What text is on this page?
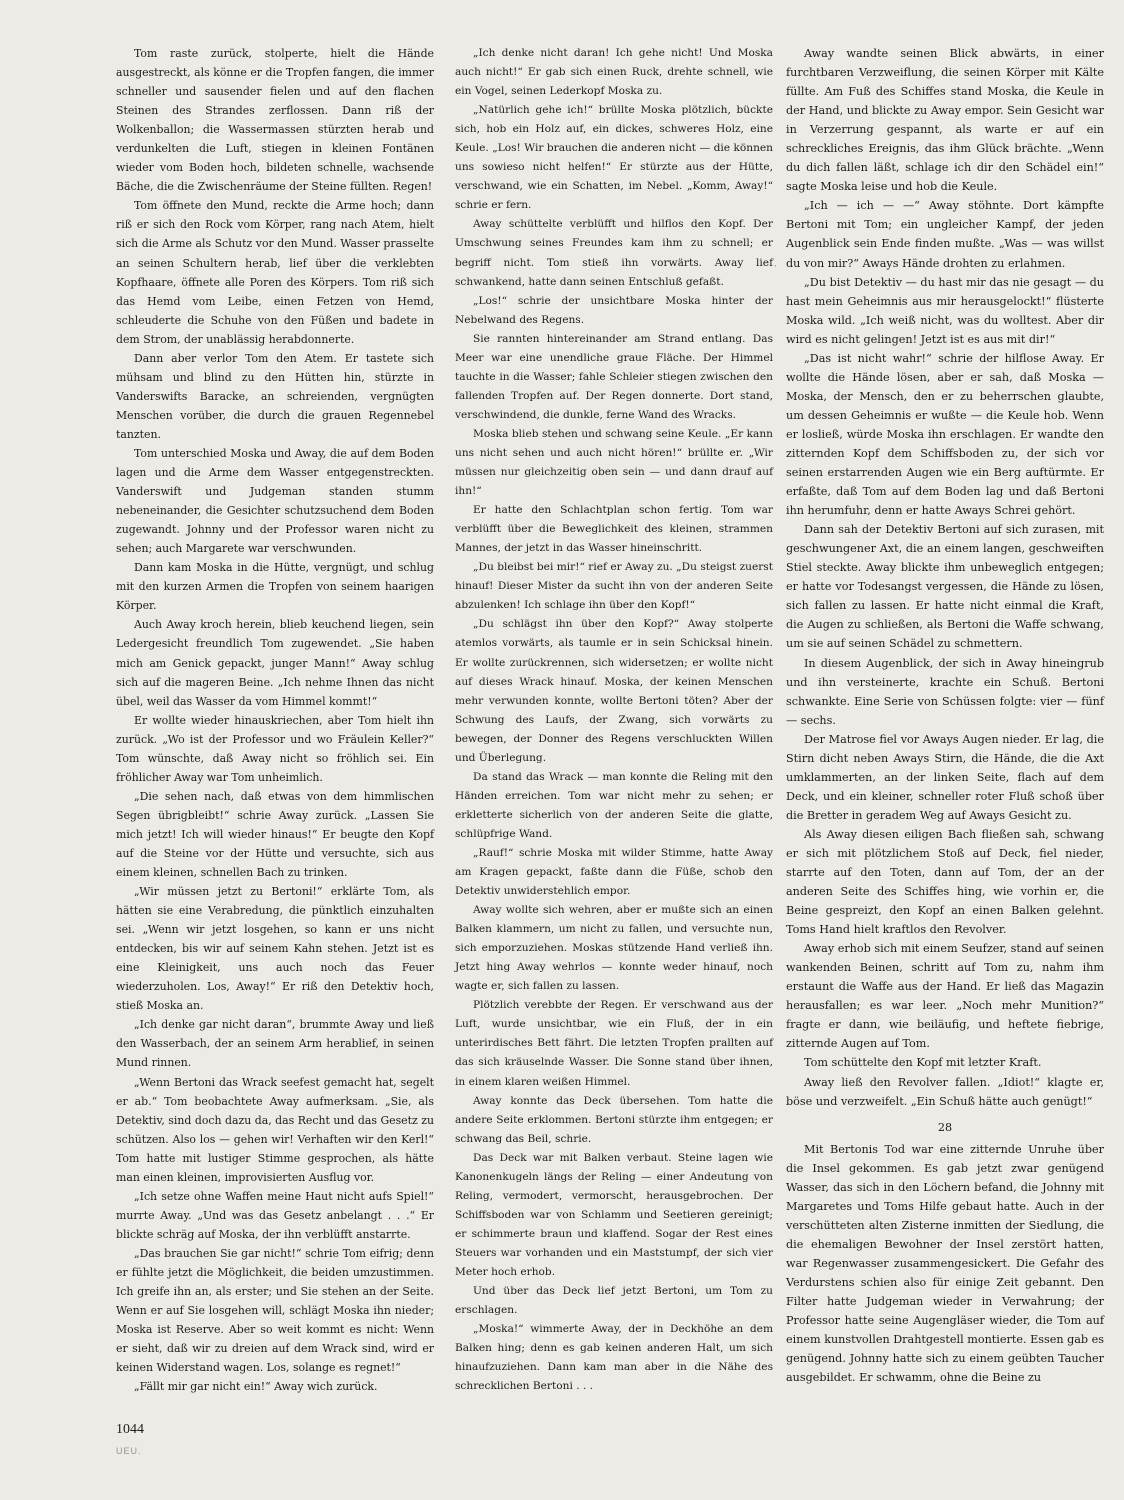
Tom raste zurück, stolperte, hielt die Hände ausgestreckt, als könne er die Tropfen fangen, die immer schneller und sausender fielen und auf den flachen Steinen des Strandes zerflossen. Dann riß der Wolkenballon; die Wassermassen stürzten herab und verdunkelten die Luft, stiegen in kleinen Fontänen wieder vom Boden hoch, bildeten schnelle, wachsende Bäche, die die Zwischenräume der Steine füllten. Regen!

Tom öffnete den Mund, reckte die Arme hoch; dann riß er sich den Rock vom Körper, rang nach Atem, hielt sich die Arme als Schutz vor den Mund. Wasser prasselte an seinen Schultern herab, lief über die verklebten Kopfhaare, öffnete alle Poren des Körpers. Tom riß sich das Hemd vom Leibe, einen Fetzen von Hemd, schleuderte die Schuhe von den Füßen und badete in dem Strom, der unablässig herabdonnerte.

Dann aber verlor Tom den Atem. Er tastete sich mühsam und blind zu den Hütten hin, stürzte in Vanderswifts Baracke, an schreienden, vergnügten Menschen vorüber, die durch die grauen Regennebel tanzten.

Tom unterschied Moska und Away, die auf dem Boden lagen und die Arme dem Wasser entgegenstreckten. Vanderswift und Judgeman standen stumm nebeneinander, die Gesichter schutzsuchend dem Boden zugewandt. Johnny und der Professor waren nicht zu sehen; auch Margarete war verschwunden.

Dann kam Moska in die Hütte, vergnügt, und schlug mit den kurzen Armen die Tropfen von seinem haarigen Körper.

Auch Away kroch herein, blieb keuchend liegen, sein Ledergesicht freundlich Tom zugewendet. „Sie haben mich am Genick gepackt, junger Mann!“ Away schlug sich auf die mageren Beine. „Ich nehme Ihnen das nicht übel, weil das Wasser da vom Himmel kommt!“

Er wollte wieder hinauskriechen, aber Tom hielt ihn zurück. „Wo ist der Professor und wo Fräulein Keller?“ Tom wünschte, daß Away nicht so fröhlich sei. Ein fröhlicher Away war Tom unheimlich.

„Die sehen nach, daß etwas von dem himmlischen Segen übrigbleibt!“ schrie Away zurück. „Lassen Sie mich jetzt! Ich will wieder hinaus!“ Er beugte den Kopf auf die Steine vor der Hütte und versuchte, sich aus einem kleinen, schnellen Bach zu trinken.

„Wir müssen jetzt zu Bertoni!“ erklärte Tom, als hätten sie eine Verabredung, die pünktlich einzuhalten sei. „Wenn wir jetzt losgehen, so kann er uns nicht entdecken, bis wir auf seinem Kahn stehen. Jetzt ist es eine Kleinigkeit, uns auch noch das Feuer wiederzuholen. Los, Away!“ Er riß den Detektiv hoch, stieß Moska an.

„Ich denke gar nicht daran“, brummte Away und ließ den Wasserbach, der an seinem Arm herablief, in seinen Mund rinnen.

„Wenn Bertoni das Wrack seefest gemacht hat, segelt er ab.“ Tom beobachtete Away aufmerksam. „Sie, als Detektiv, sind doch dazu da, das Recht und das Gesetz zu schützen. Also los — gehen wir! Verhaften wir den Kerl!“ Tom hatte mit lustiger Stimme gesprochen, als hätte man einen kleinen, improvisierten Ausflug vor.

„Ich setze ohne Waffen meine Haut nicht aufs Spiel!“ murrte Away. „Und was das Gesetz anbelangt . . .“ Er blickte schräg auf Moska, der ihn verblüfft anstarrte.

„Das brauchen Sie gar nicht!“ schrie Tom eifrig; denn er fühlte jetzt die Möglichkeit, die beiden umzustimmen. Ich greife ihn an, als erster; und Sie stehen an der Seite. Wenn er auf Sie losgehen will, schlägt Moska ihn nieder; Moska ist Reserve. Aber so weit kommt es nicht: Wenn er sieht, daß wir zu dreien auf dem Wrack sind, wird er keinen Widerstand wagen. Los, solange es regnet!“

„Fällt mir gar nicht ein!“ Away wich zurück.

„Ich denke nicht daran! Ich gehe nicht! Und Moska auch nicht!“ Er gab sich einen Ruck, drehte schnell, wie ein Vogel, seinen Lederkopf Moska zu.

„Natürlich gehe ich!“ brüllte Moska plötzlich, bückte sich, hob ein Holz auf, ein dickes, schweres Holz, eine Keule. „Los! Wir brauchen die anderen nicht — die können uns sowieso nicht helfen!“ Er stürzte aus der Hütte, verschwand, wie ein Schatten, im Nebel. „Komm, Away!“ schrie er fern.

Away schüttelte verblüfft und hilflos den Kopf. Der Umschwung seines Freundes kam ihm zu schnell; er begriff nicht. Tom stieß ihn vorwärts. Away lief schwankend, hatte dann seinen Entschluß gefaßt.

„Los!“ schrie der unsichtbare Moska hinter der Nebelwand des Regens.

Sie rannten hintereinander am Strand entlang. Das Meer war eine unendliche graue Fläche. Der Himmel tauchte in die Wasser; fahle Schleier stiegen zwischen den fallenden Tropfen auf. Der Regen donnerte. Dort stand, verschwindend, die dunkle, ferne Wand des Wracks.

Moska blieb stehen und schwang seine Keule. „Er kann uns nicht sehen und auch nicht hören!“ brüllte er. „Wir müssen nur gleichzeitig oben sein — und dann drauf auf ihn!“

Er hatte den Schlachtplan schon fertig. Tom war verblüfft über die Beweglichkeit des kleinen, strammen Mannes, der jetzt in das Wasser hineinschritt.

„Du bleibst bei mir!“ rief er Away zu. „Du steigst zuerst hinauf! Dieser Mister da sucht ihn von der anderen Seite abzulenken! Ich schlage ihn über den Kopf!“

„Du schlägst ihn über den Kopf?“ Away stolperte atemlos vorwärts, als taumle er in sein Schicksal hinein. Er wollte zurückrennen, sich widersetzen; er wollte nicht auf dieses Wrack hinauf. Moska, der keinen Menschen mehr verwunden konnte, wollte Bertoni töten? Aber der Schwung des Laufs, der Zwang, sich vorwärts zu bewegen, der Donner des Regens verschluckten Willen und Überlegung.

Da stand das Wrack — man konnte die Reling mit den Händen erreichen. Tom war nicht mehr zu sehen; er erkletterte sicherlich von der anderen Seite die glatte, schlüpfrige Wand.

„Rauf!“ schrie Moska mit wilder Stimme, hatte Away am Kragen gepackt, faßte dann die Füße, schob den Detektiv unwiderstehlich empor.

Away wollte sich wehren, aber er mußte sich an einen Balken klammern, um nicht zu fallen, und versuchte nun, sich emporzuziehen. Moskas stützende Hand verließ ihn. Jetzt hing Away wehrlos — konnte weder hinauf, noch wagte er, sich fallen zu lassen.

Plötzlich verebbte der Regen. Er verschwand aus der Luft, wurde unsichtbar, wie ein Fluß, der in ein unterirdisches Bett fährt. Die letzten Tropfen prallten auf das sich kräuselnde Wasser. Die Sonne stand über ihnen, in einem klaren weißen Himmel.

Away konnte das Deck übersehen. Tom hatte die andere Seite erklommen. Bertoni stürzte ihm entgegen; er schwang das Beil, schrie.

Das Deck war mit Balken verbaut. Steine lagen wie Kanonenkugeln längs der Reling — einer Andeutung von Reling, vermodert, vermorscht, herausgebrochen. Der Schiffsboden war von Schlamm und Seetieren gereinigt; er schimmerte braun und klaffend. Sogar der Rest eines Steuers war vorhanden und ein Maststumpf, der sich vier Meter hoch erhob.

Und über das Deck lief jetzt Bertoni, um Tom zu erschlagen.

„Moska!“ wimmerte Away, der in Deckhöhe an dem Balken hing; denn es gab keinen anderen Halt, um sich hinaufzuziehen. Dann kam man aber in die Nähe des schrecklichen Bertoni . . .

Away wandte seinen Blick abwärts, in einer furchtbaren Verzweiflung, die seinen Körper mit Kälte füllte. Am Fuß des Schiffes stand Moska, die Keule in der Hand, und blickte zu Away empor. Sein Gesicht war in Verzerrung gespannt, als warte er auf ein schreckliches Ereignis, das ihm Glück brächte. „Wenn du dich fallen läßt, schlage ich dir den Schädel ein!“ sagte Moska leise und hob die Keule.

„Ich — ich — —“ Away stöhnte. Dort kämpfte Bertoni mit Tom; ein ungleicher Kampf, der jeden Augenblick sein Ende finden mußte. „Was — was willst du von mir?“ Aways Hände drohten zu erlahmen.

„Du bist Detektiv — du hast mir das nie gesagt — du hast mein Geheimnis aus mir herausgelockt!“ flüsterte Moska wild. „Ich weiß nicht, was du wolltest. Aber dir wird es nicht gelingen! Jetzt ist es aus mit dir!“

„Das ist nicht wahr!“ schrie der hilflose Away. Er wollte die Hände lösen, aber er sah, daß Moska — Moska, der Mensch, den er zu beherrschen glaubte, um dessen Geheimnis er wußte — die Keule hob. Wenn er losließ, würde Moska ihn erschlagen. Er wandte den zitternden Kopf dem Schiffsboden zu, der sich vor seinen erstarrenden Augen wie ein Berg auftürmte. Er erfaßte, daß Tom auf dem Boden lag und daß Bertoni ihn herumfuhr, denn er hatte Aways Schrei gehört.

Dann sah der Detektiv Bertoni auf sich zurasen, mit geschwungener Axt, die an einem langen, geschweiften Stiel steckte. Away blickte ihm unbeweglich entgegen; er hatte vor Todesangst vergessen, die Hände zu lösen, sich fallen zu lassen. Er hatte nicht einmal die Kraft, die Augen zu schließen, als Bertoni die Waffe schwang, um sie auf seinen Schädel zu schmettern.

In diesem Augenblick, der sich in Away hineingrub und ihn versteinerte, krachte ein Schuß. Bertoni schwankte. Eine Serie von Schüssen folgte: vier — fünf — sechs.

Der Matrose fiel vor Aways Augen nieder. Er lag, die Stirn dicht neben Aways Stirn, die Hände, die die Axt umklammerten, an der linken Seite, flach auf dem Deck, und ein kleiner, schneller roter Fluß schoß über die Bretter in geradem Weg auf Aways Gesicht zu.

Als Away diesen eiligen Bach fließen sah, schwang er sich mit plötzlichem Stoß auf Deck, fiel nieder, starrte auf den Toten, dann auf Tom, der an der anderen Seite des Schiffes hing, wie vorhin er, die Beine gespreizt, den Kopf an einen Balken gelehnt. Toms Hand hielt kraftlos den Revolver.

Away erhob sich mit einem Seufzer, stand auf seinen wankenden Beinen, schritt auf Tom zu, nahm ihm erstaunt die Waffe aus der Hand. Er ließ das Magazin herausfallen; es war leer. „Noch mehr Munition?“ fragte er dann, wie beiläufig, und heftete fiebrige, zitternde Augen auf Tom.

Tom schüttelte den Kopf mit letzter Kraft.

Away ließ den Revolver fallen. „Idiot!“ klagte er, böse und verzweifelt. „Ein Schuß hätte auch genügt!“

28

Mit Bertonis Tod war eine zitternde Unruhe über die Insel gekommen. Es gab jetzt zwar genügend Wasser, das sich in den Löchern befand, die Johnny mit Margaretes und Toms Hilfe gebaut hatte. Auch in der verschütteten alten Zisterne inmitten der Siedlung, die die ehemaligen Bewohner der Insel zerstört hatten, war Regenwasser zusammengesickert. Die Gefahr des Verdurstens schien also für einige Zeit gebannt. Den Filter hatte Judgeman wieder in Verwahrung; der Professor hatte seine Augengläser wieder, die Tom auf einem kunstvollen Drahtgestell montierte. Essen gab es genügend. Johnny hatte sich zu einem geübten Taucher ausgebildet. Er schwamm, ohne die Beine zu

·
1044
UEU.
